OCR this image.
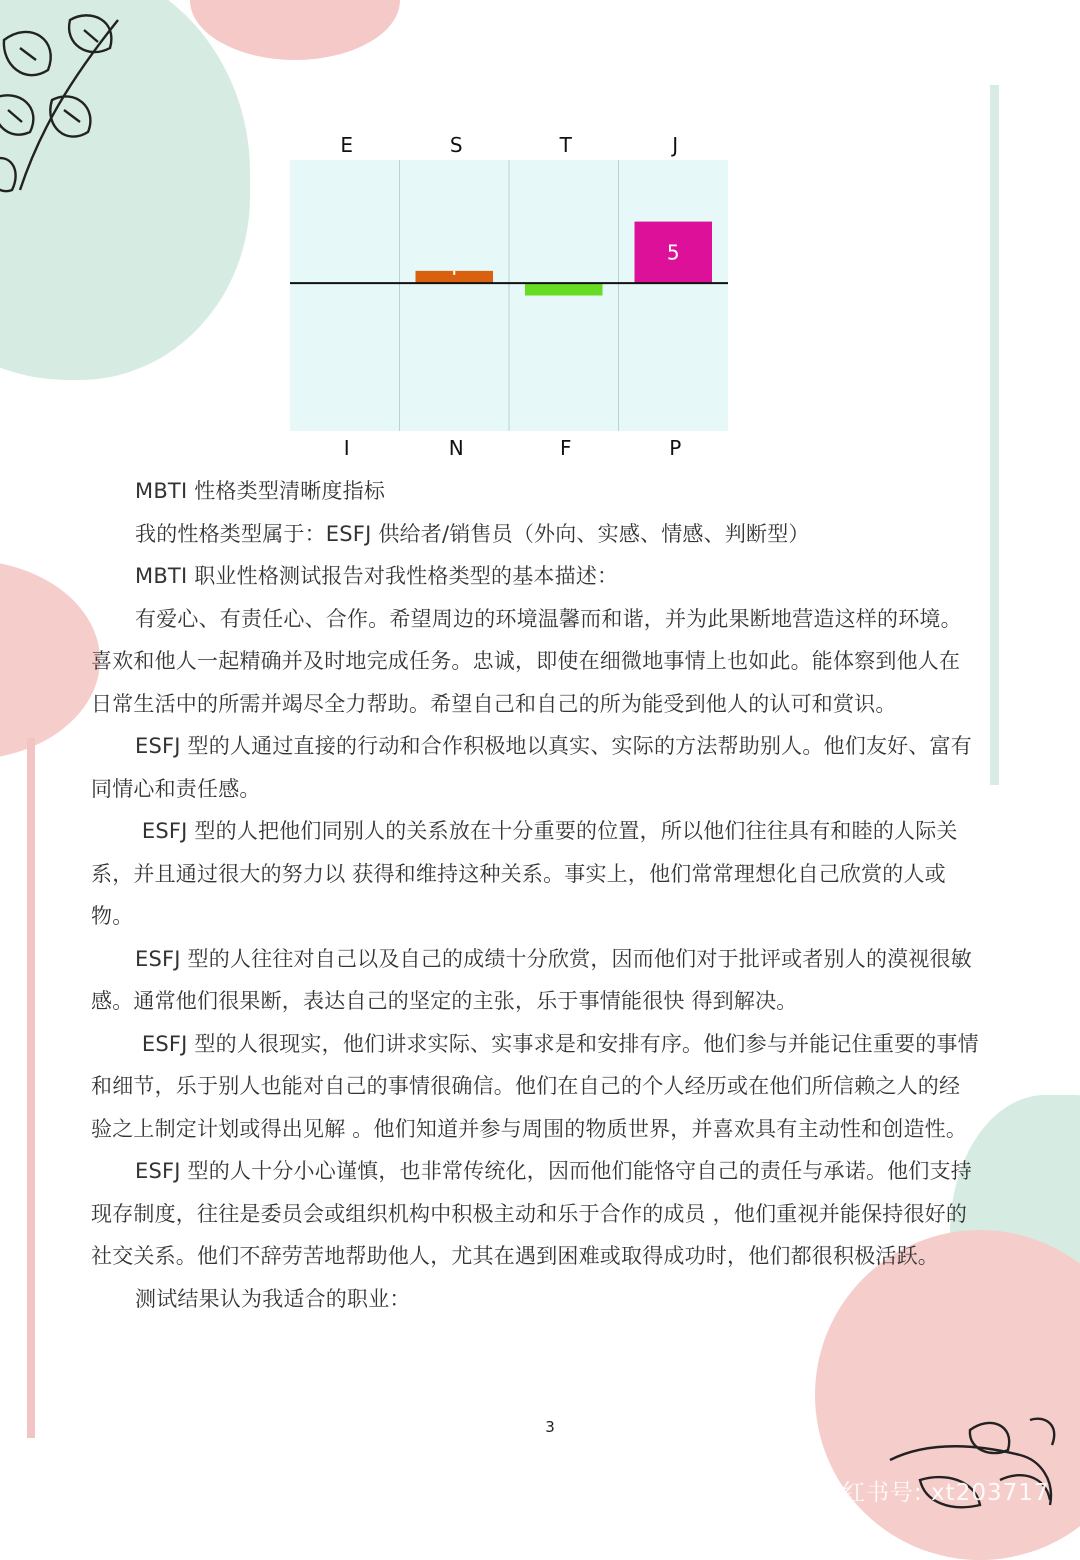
5
E	S	T	J
I	N	F	P

MBTI 性格类型清晰度指标

我的性格类型属于：ESFJ 供给者/销售员（外向、实感、情感、判断型）

MBTI 职业性格测试报告对我性格类型的基本描述：

有爱心、有责任心、合作。希望周边的环境温馨而和谐，并为此果断地营造这样的环境。喜欢和他人一起精确并及时地完成任务。忠诚，即使在细微地事情上也如此。能体察到他人在日常生活中的所需并竭尽全力帮助。希望自己和自己的所为能受到他人的认可和赏识。

ESFJ 型的人通过直接的行动和合作积极地以真实、实际的方法帮助别人。他们友好、富有同情心和责任感。

ESFJ 型的人把他们同别人的关系放在十分重要的位置，所以他们往往具有和睦的人际关系，并且通过很大的努力以 获得和维持这种关系。事实上，他们常常理想化自己欣赏的人或物。

ESFJ 型的人往往对自己以及自己的成绩十分欣赏，因而他们对于批评或者别人的漠视很敏感。通常他们很果断，表达自己的坚定的主张，乐于事情能很快 得到解决。

ESFJ 型的人很现实，他们讲求实际、实事求是和安排有序。他们参与并能记住重要的事情和细节，乐于别人也能对自己的事情很确信。他们在自己的个人经历或在他们所信赖之人的经验之上制定计划或得出见解 。他们知道并参与周围的物质世界，并喜欢具有主动性和创造性。

ESFJ 型的人十分小心谨慎，也非常传统化，因而他们能恪守自己的责任与承诺。他们支持现存制度，往往是委员会或组织机构中积极主动和乐于合作的成员 ，他们重视并能保持很好的社交关系。他们不辞劳苦地帮助他人，尤其在遇到困难或取得成功时，他们都很积极活跃。

测试结果认为我适合的职业：

3
小红书号: xt203717
